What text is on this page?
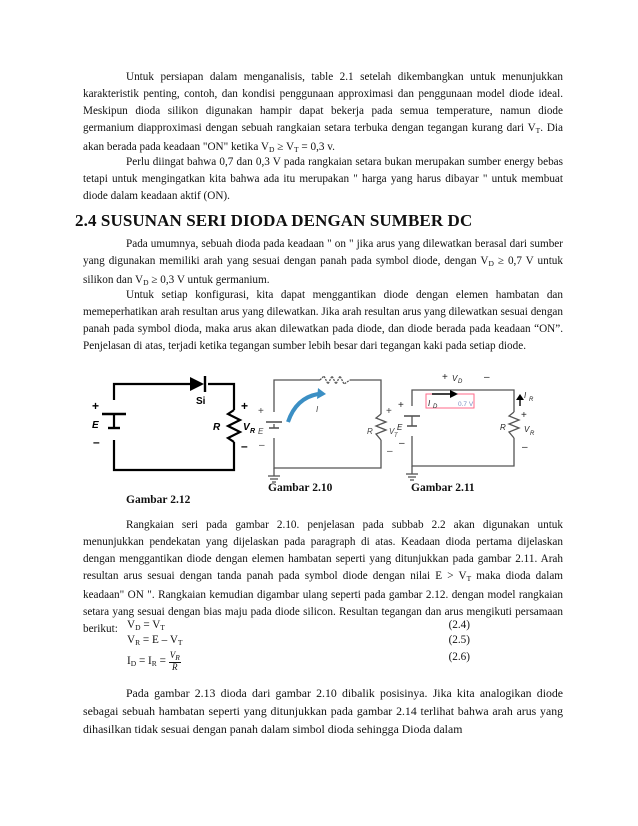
Untuk persiapan dalam menganalisis, table 2.1 setelah dikembangkan untuk menunjukkan karakteristik penting, contoh, dan kondisi penggunaan approximasi dan penggunaan model diode ideal. Meskipun dioda silikon digunakan hampir dapat bekerja pada semua temperature, namun diode germanium diapproximasi dengan sebuah rangkaian setara terbuka dengan tegangan kurang dari $V_T$. Dia akan berada pada keadaan "ON" ketika $V_D \ge V_T = 0,3$ v.

Perlu diingat bahwa 0,7 dan 0,3 V pada rangkaian setara bukan merupakan sumber energy bebas tetapi untuk mengingatkan kita bahwa ada itu merupakan " harga yang harus dibayar " untuk membuat diode dalam keadaan aktif (ON).

2.4 SUSUNAN SERI DIODA DENGAN SUMBER DC

Pada umumnya, sebuah dioda pada keadaan " on " jika arus yang dilewatkan berasal dari sumber yang digunakan memiliki arah yang sesuai dengan panah pada symbol diode, dengan $V_D \ge 0,7$ V untuk silikon dan $V_D \ge 0,3$ V untuk germanium.

Untuk setiap konfigurasi, kita dapat menggantikan diode dengan elemen hambatan dan memeperhatikan arah resultan arus yang dilewatkan. Jika arah resultan arus yang dilewatkan sesuai dengan panah pada symbol dioda, maka arus akan dilewatkan pada diode, dan diode berada pada keadaan “ON”. Penjelasan di atas, terjadi ketika tegangan sumber lebih besar dari tegangan kaki pada setiap diode.

Si
+
E
–
R
+
V R
–
I
+
E
–
R
+
V T
–
+ V D –
I D	0.7 V
I R
+
E
–
R
+
V R
–
Gambar 2.10	Gambar 2.11
Gambar 2.12

Rangkaian seri pada gambar 2.10. penjelasan pada subbab 2.2 akan digunakan untuk menunjukkan pendekatan yang dijelaskan pada paragraph di atas. Keadaan dioda pertama dijelaskan dengan menggantikan diode dengan elemen hambatan seperti yang ditunjukkan pada gambar 2.11. Arah resultan arus sesuai dengan tanda panah pada symbol diode dengan nilai $E > V_T$ maka dioda dalam keadaan" ON ". Rangkaian kemudian digambar ulang seperti pada gambar 2.12. dengan model rangkaian setara yang sesuai dengan bias maju pada diode silicon. Resultan tegangan dan arus mengikuti persamaan berikut: $V_D = V_T$	(2.4)
$V_R = E - V_T$	(2.5)
$I_D = I_R = \frac{V_R}{R}$	(2.6)

Pada gambar 2.13 dioda dari gambar 2.10 dibalik posisinya. Jika kita analogikan diode sebagai sebuah hambatan seperti yang ditunjukkan pada gambar 2.14 terlihat bahwa arah arus yang dihasilkan tidak sesuai dengan panah dalam simbol dioda sehingga Dioda dalam
